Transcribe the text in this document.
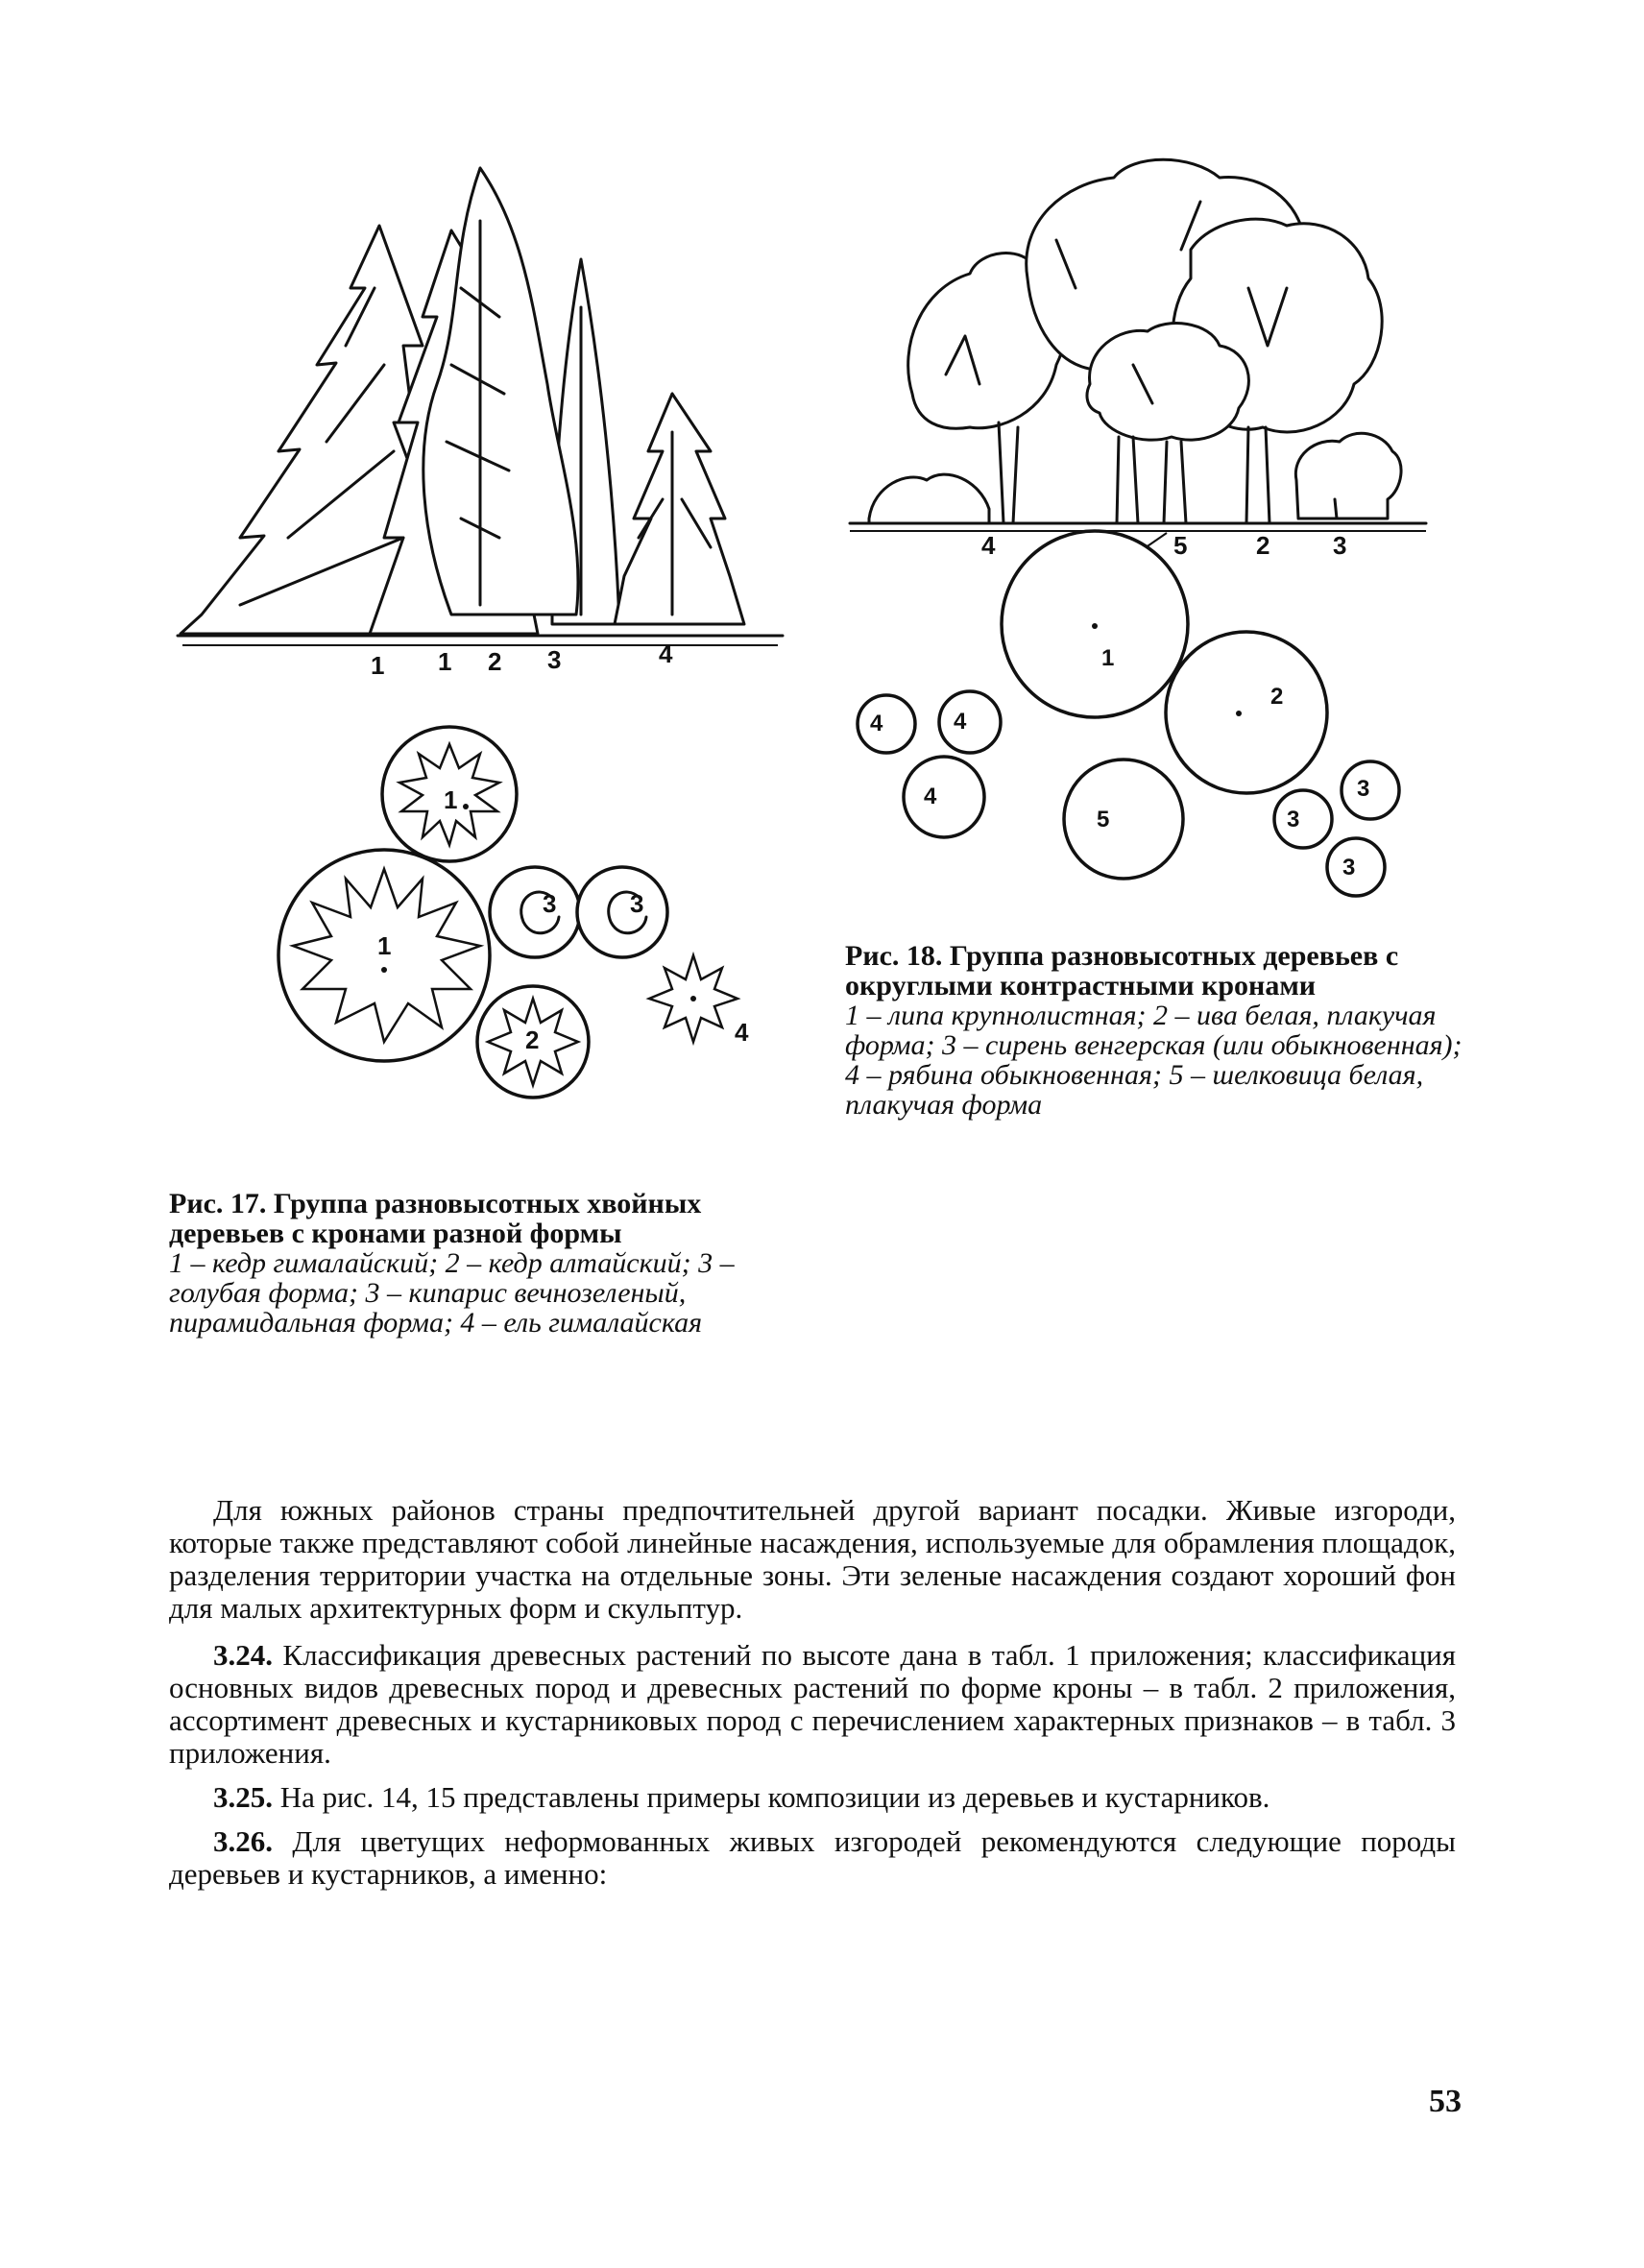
1 1 2 3	4
1
1
2
3	3
4
Рис. 17. Группа разновысотных хвойных деревьев с кронами разной формы
1 – кедр гималайский; 2 – кедр алтайский; 3 – голубая форма; 3 – кипарис вечнозеленый, пирамидальная форма; 4 – ель гималайская
4	5	2	3
1
2
4	4
4
5
3
3
3
Рис. 18. Группа разновысотных деревьев с округлыми контрастными кронами
1 – липа крупнолистная; 2 – ива белая, плакучая форма; 3 – сирень венгерская (или обыкновенная); 4 – рябина обыкновенная; 5 – шелковица белая, плакучая форма

Для южных районов страны предпочтительней другой вариант посадки. Живые изгороди, которые также представляют собой линейные насаждения, используемые для обрамления площадок, разделения территории участка на отдельные зоны. Эти зеленые насаждения создают хороший фон для малых архитектурных форм и скульптур.

3.24. Классификация древесных растений по высоте дана в табл. 1 приложения; классификация основных видов древесных пород и древесных растений по форме кроны – в табл. 2 приложения, ассортимент древесных и кустарниковых пород с перечислением характерных признаков – в табл. 3 приложения.

3.25. На рис. 14, 15 представлены примеры композиции из деревьев и кустарников.

3.26. Для цветущих неформованных живых изгородей рекомендуются следующие породы деревьев и кустарников, а именно:

53
